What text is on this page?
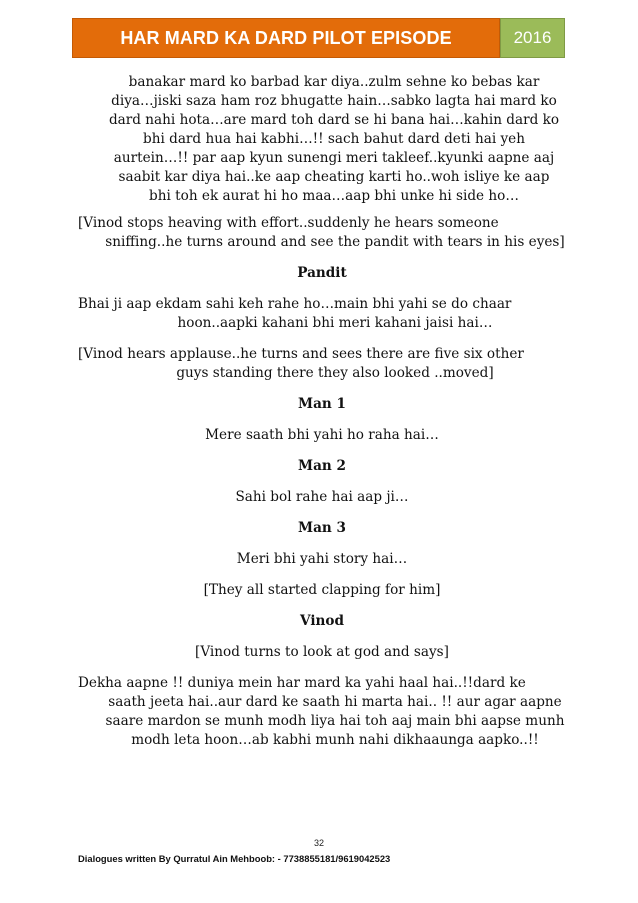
HAR MARD KA DARD PILOT EPISODE	2016

banakar mard ko barbad kar diya..zulm sehne ko bebas kar diya…jiski saza ham roz bhugatte hain…sabko lagta hai mard ko dard nahi hota…are mard toh dard se hi bana hai…kahin dard ko bhi dard hua hai kabhi…!! sach bahut dard deti hai yeh aurtein…!! par aap kyun sunengi meri takleef..kyunki aapne aaj saabit kar diya hai..ke aap cheating karti ho..woh isliye ke aap bhi toh ek aurat hi ho maa…aap bhi unke hi side ho…

[Vinod stops heaving with effort..suddenly he hears someone
sniffing..he turns around and see the pandit with tears in his eyes]

Pandit

Bhai ji aap ekdam sahi keh rahe ho…main bhi yahi se do chaar
hoon..aapki kahani bhi meri kahani jaisi hai…

[Vinod hears applause..he turns and sees there are five six other
guys standing there they also looked ..moved]

Man 1

Mere saath bhi yahi ho raha hai…

Man 2

Sahi bol rahe hai aap ji…

Man 3

Meri bhi yahi story hai…

[They all started clapping for him]

Vinod

[Vinod turns to look at god and says]

Dekha aapne !! duniya mein har mard ka yahi haal hai..!!dard ke
saath jeeta hai..aur dard ke saath hi marta hai.. !! aur agar aapne saare mardon se munh modh liya hai toh aaj main bhi aapse munh modh leta hoon…ab kabhi munh nahi dikhaaunga aapko..!!

32
Dialogues written By Qurratul Ain Mehboob: - 7738855181/9619042523
